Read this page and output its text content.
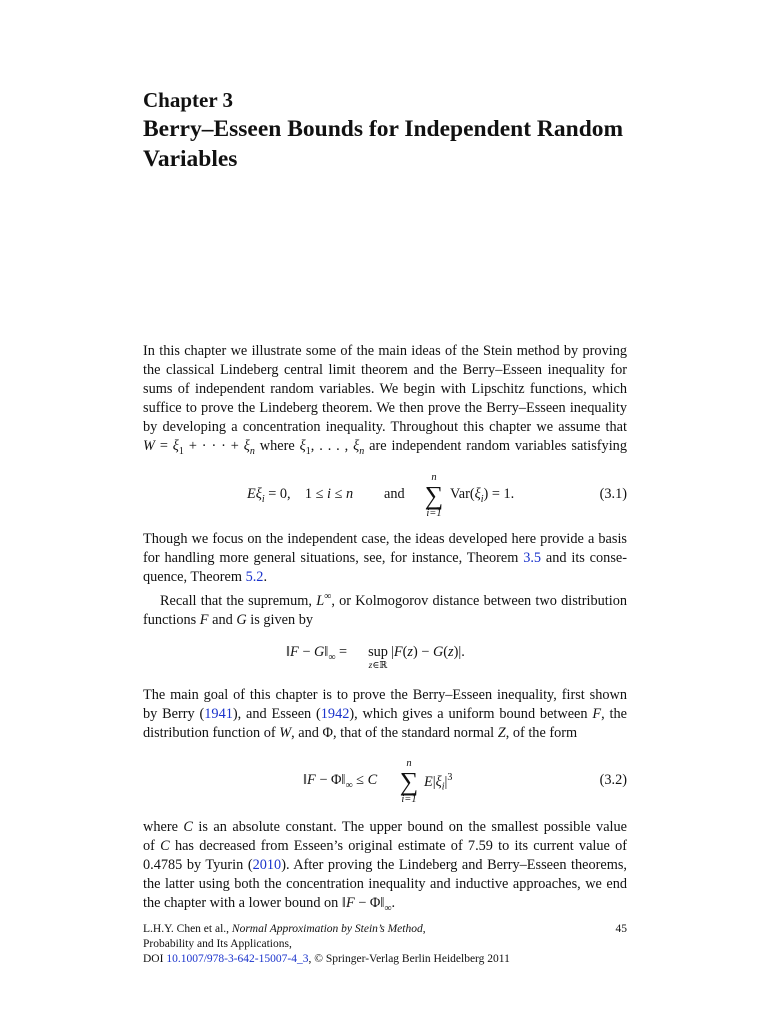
Chapter 3
Berry–Esseen Bounds for Independent Random
Variables
In this chapter we illustrate some of the main ideas of the Stein method by proving
the classical Lindeberg central limit theorem and the Berry–Esseen inequality for
sums of independent random variables. We begin with Lipschitz functions, which
suffice to prove the Lindeberg theorem. We then prove the Berry–Esseen inequality
by developing a concentration inequality. Throughout this chapter we assume that
$W = \xi_1$ + · · · + $\xi_n$ where $\xi_1$, . . . , $\xi_n$ are independent random variables satisfying
$E\xi_i = 0$,    1 ≤ i ≤ n and
n
∑
i=1
$Var(\xi_i) = 1$.	(3.1)
Though we focus on the independent case, the ideas developed here provide a basis
for handling more general situations, see, for instance, Theorem 3.5 and its conse-
quence, Theorem 5.2.
Recall that the supremum, L∞, or Kolmogorov distance between two distribution
functions F and G is given by
‖F − $G‖_\infty$ = sup
z∈ℝ
|F(z) − G(z)|.
The main goal of this chapter is to prove the Berry–Esseen inequality, first shown
by Berry (1941), and Esseen (1942), which gives a uniform bound between F, the
distribution function of W, and Φ, that of the standard normal Z, of the form
‖F − $\Phi‖_\infty \le C$
n
∑
i=1
$E|\xi_i|^3$	(3.2)
where C is an absolute constant. The upper bound on the smallest possible value
of C has decreased from Esseen’s original estimate of 7.59 to its current value of
0.4785 by Tyurin (2010). After proving the Lindeberg and Berry–Esseen theorems,
the latter using both the concentration inequality and inductive approaches, we end
the chapter with a lower bound on ‖F − $\Phi‖_\infty$.
L.H.Y. Chen et al., Normal Approximation by Stein’s Method,
Probability and Its Applications,
DOI 10.1007/978-3-642-15007-4_3, © Springer-Verlag Berlin Heidelberg 2011
45
